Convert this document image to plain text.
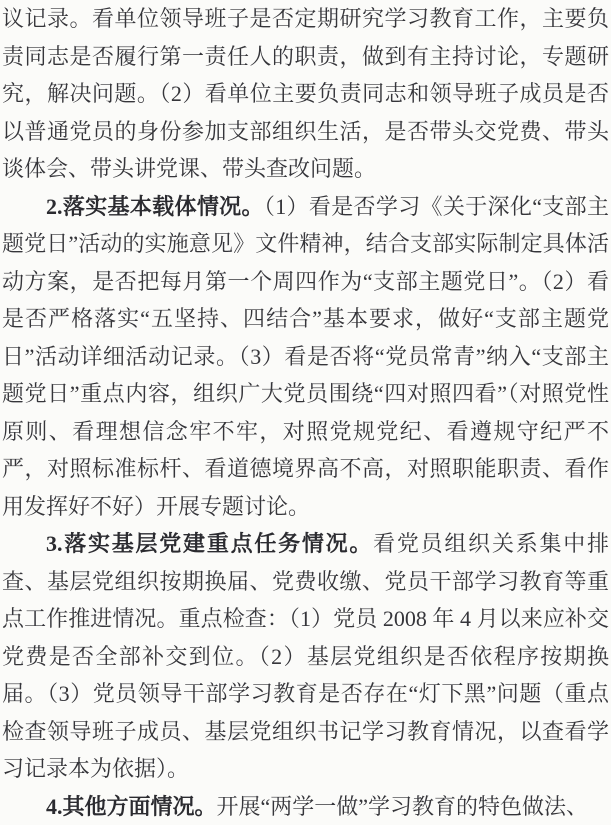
议记录。看单位领导班子是否定期研究学习教育工作，主要负责同志是否履行第一责任人的职责，做到有主持讨论，专题研究，解决问题。（2）看单位主要负责同志和领导班子成员是否以普通党员的身份参加支部组织生活，是否带头交党费、带头谈体会、带头讲党课、带头查改问题。

2.落实基本载体情况。（1）看是否学习《关于深化“支部主题党日”活动的实施意见》文件精神，结合支部实际制定具体活动方案，是否把每月第一个周四作为“支部主题党日”。（2）看是否严格落实“五坚持、四结合”基本要求，做好“支部主题党日”活动详细活动记录。（3）看是否将“党员常青”纳入“支部主题党日”重点内容，组织广大党员围绕“四对照四看”（对照党性原则、看理想信念牢不牢，对照党规党纪、看遵规守纪严不严，对照标准标杆、看道德境界高不高，对照职能职责、看作用发挥好不好）开展专题讨论。

3.落实基层党建重点任务情况。看党员组织关系集中排查、基层党组织按期换届、党费收缴、党员干部学习教育等重点工作推进情况。重点检查：（1）党员 2008 年 4 月以来应补交党费是否全部补交到位。（2）基层党组织是否依程序按期换届。（3）党员领导干部学习教育是否存在“灯下黑”问题（重点检查领导班子成员、基层党组织书记学习教育情况，以查看学习记录本为依据）。

4.其他方面情况。开展“两学一做”学习教育的特色做法、
